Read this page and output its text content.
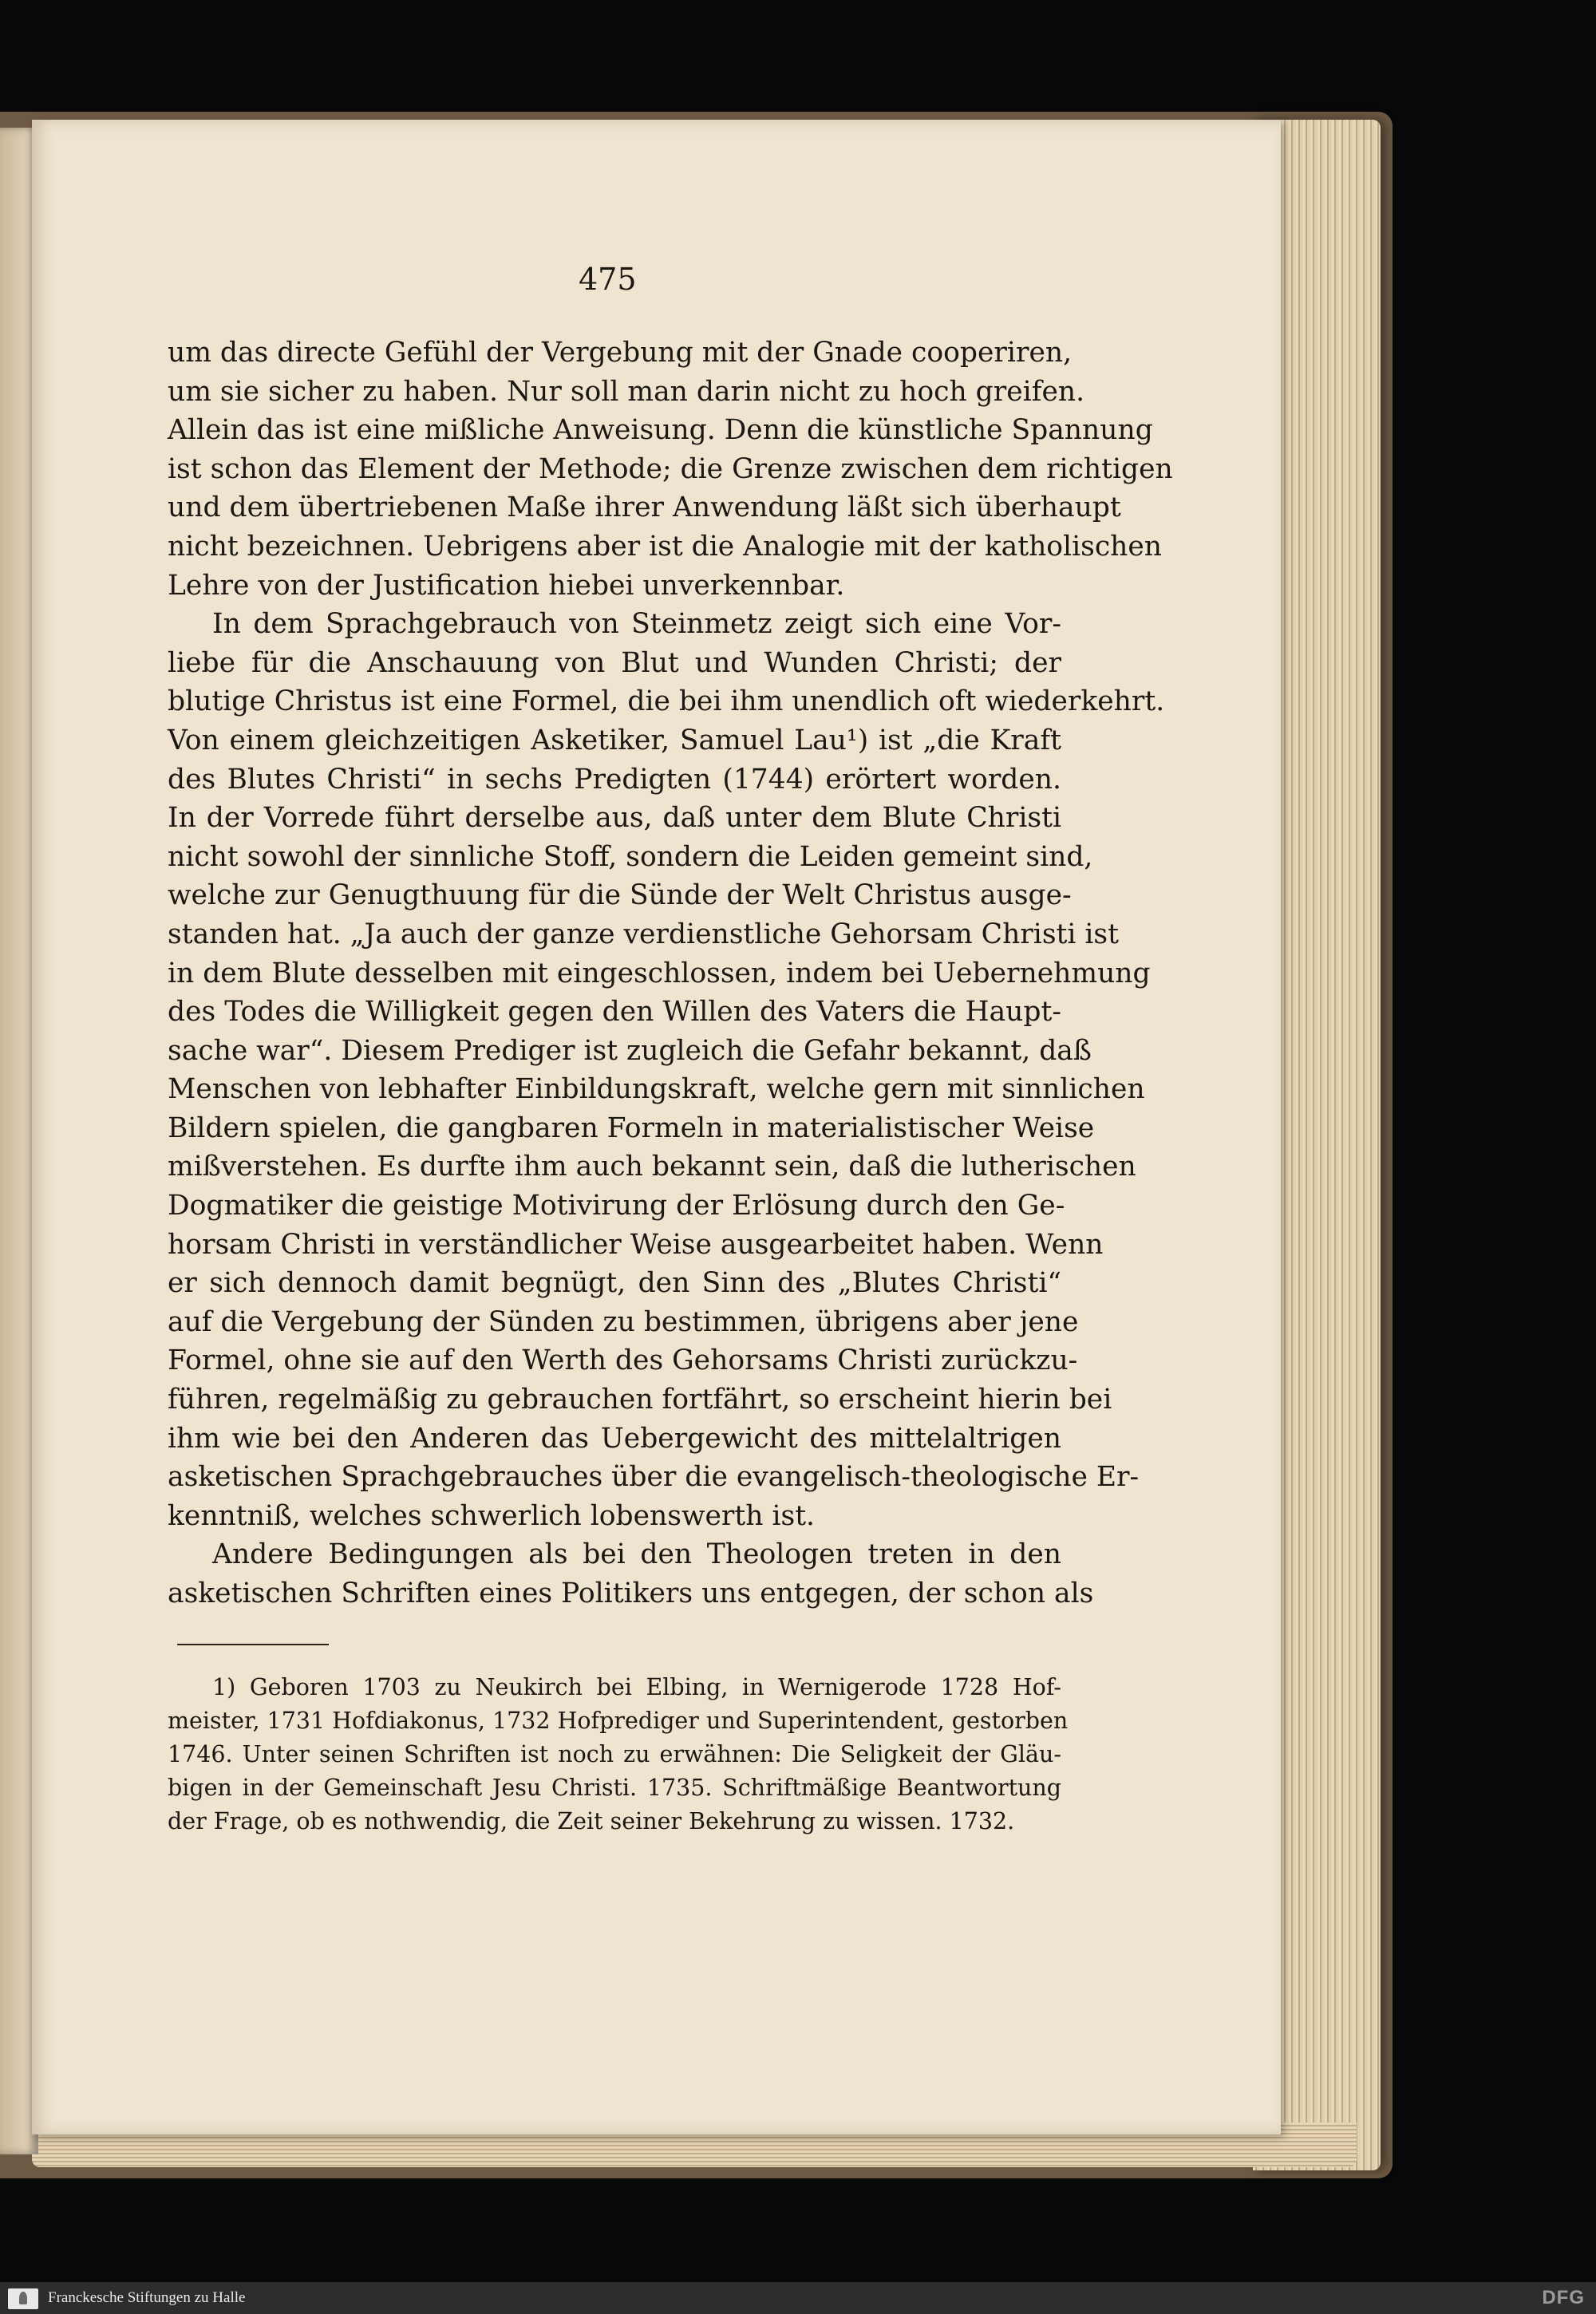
475
um das directe Gefühl der Vergebung mit der Gnade cooperiren,
um sie sicher zu haben. Nur soll man darin nicht zu hoch greifen.
Allein das ist eine mißliche Anweisung. Denn die künstliche Spannung
ist schon das Element der Methode; die Grenze zwischen dem richtigen
und dem übertriebenen Maße ihrer Anwendung läßt sich überhaupt
nicht bezeichnen. Uebrigens aber ist die Analogie mit der katholischen
Lehre von der Justification hiebei unverkennbar.
In dem Sprachgebrauch von Steinmetz zeigt sich eine Vor-
liebe für die Anschauung von Blut und Wunden Christi; der
blutige Christus ist eine Formel, die bei ihm unendlich oft wiederkehrt.
Von einem gleichzeitigen Asketiker, Samuel Lau¹) ist „die Kraft
des Blutes Christi“ in sechs Predigten (1744) erörtert worden.
In der Vorrede führt derselbe aus, daß unter dem Blute Christi
nicht sowohl der sinnliche Stoff, sondern die Leiden gemeint sind,
welche zur Genugthuung für die Sünde der Welt Christus ausge-
standen hat. „Ja auch der ganze verdienstliche Gehorsam Christi ist
in dem Blute desselben mit eingeschlossen, indem bei Uebernehmung
des Todes die Willigkeit gegen den Willen des Vaters die Haupt-
sache war“. Diesem Prediger ist zugleich die Gefahr bekannt, daß
Menschen von lebhafter Einbildungskraft, welche gern mit sinnlichen
Bildern spielen, die gangbaren Formeln in materialistischer Weise
mißverstehen. Es durfte ihm auch bekannt sein, daß die lutherischen
Dogmatiker die geistige Motivirung der Erlösung durch den Ge-
horsam Christi in verständlicher Weise ausgearbeitet haben. Wenn
er sich dennoch damit begnügt, den Sinn des „Blutes Christi“
auf die Vergebung der Sünden zu bestimmen, übrigens aber jene
Formel, ohne sie auf den Werth des Gehorsams Christi zurückzu-
führen, regelmäßig zu gebrauchen fortfährt, so erscheint hierin bei
ihm wie bei den Anderen das Uebergewicht des mittelaltrigen
asketischen Sprachgebrauches über die evangelisch-theologische Er-
kenntniß, welches schwerlich lobenswerth ist.
Andere Bedingungen als bei den Theologen treten in den
asketischen Schriften eines Politikers uns entgegen, der schon als
1) Geboren 1703 zu Neukirch bei Elbing, in Wernigerode 1728 Hof-
meister, 1731 Hofdiakonus, 1732 Hofprediger und Superintendent, gestorben
1746. Unter seinen Schriften ist noch zu erwähnen: Die Seligkeit der Gläu-
bigen in der Gemeinschaft Jesu Christi. 1735. Schriftmäßige Beantwortung
der Frage, ob es nothwendig, die Zeit seiner Bekehrung zu wissen. 1732.
Franckesche Stiftungen zu Halle	DFG
